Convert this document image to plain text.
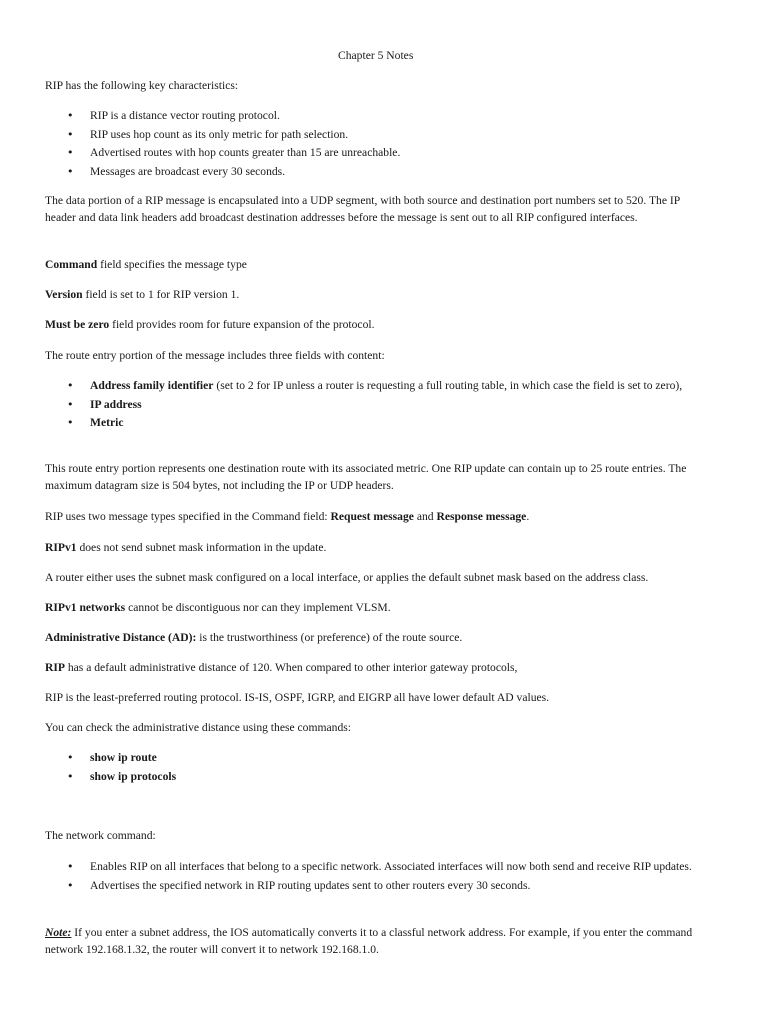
Chapter 5 Notes
RIP has the following key characteristics:
• RIP is a distance vector routing protocol.
• RIP uses hop count as its only metric for path selection.
• Advertised routes with hop counts greater than 15 are unreachable.
• Messages are broadcast every 30 seconds.
The data portion of a RIP message is encapsulated into a UDP segment, with both source and destination port numbers set to 520. The IP header and data link headers add broadcast destination addresses before the message is sent out to all RIP configured interfaces.
Command field specifies the message type
Version field is set to 1 for RIP version 1.
Must be zero field provides room for future expansion of the protocol.
The route entry portion of the message includes three fields with content:
• Address family identifier (set to 2 for IP unless a router is requesting a full routing table, in which case the field is set to zero),
• IP address
• Metric
This route entry portion represents one destination route with its associated metric. One RIP update can contain up to 25 route entries. The maximum datagram size is 504 bytes, not including the IP or UDP headers.
RIP uses two message types specified in the Command field: Request message and Response message.
RIPv1 does not send subnet mask information in the update.
A router either uses the subnet mask configured on a local interface, or applies the default subnet mask based on the address class.
RIPv1 networks cannot be discontiguous nor can they implement VLSM.
Administrative Distance (AD): is the trustworthiness (or preference) of the route source.
RIP has a default administrative distance of 120. When compared to other interior gateway protocols,
RIP is the least-preferred routing protocol. IS-IS, OSPF, IGRP, and EIGRP all have lower default AD values.
You can check the administrative distance using these commands:
• show ip route
• show ip protocols
The network command:
• Enables RIP on all interfaces that belong to a specific network. Associated interfaces will now both send and receive RIP updates.
• Advertises the specified network in RIP routing updates sent to other routers every 30 seconds.
Note: If you enter a subnet address, the IOS automatically converts it to a classful network address. For example, if you enter the command network 192.168.1.32, the router will convert it to network 192.168.1.0.
